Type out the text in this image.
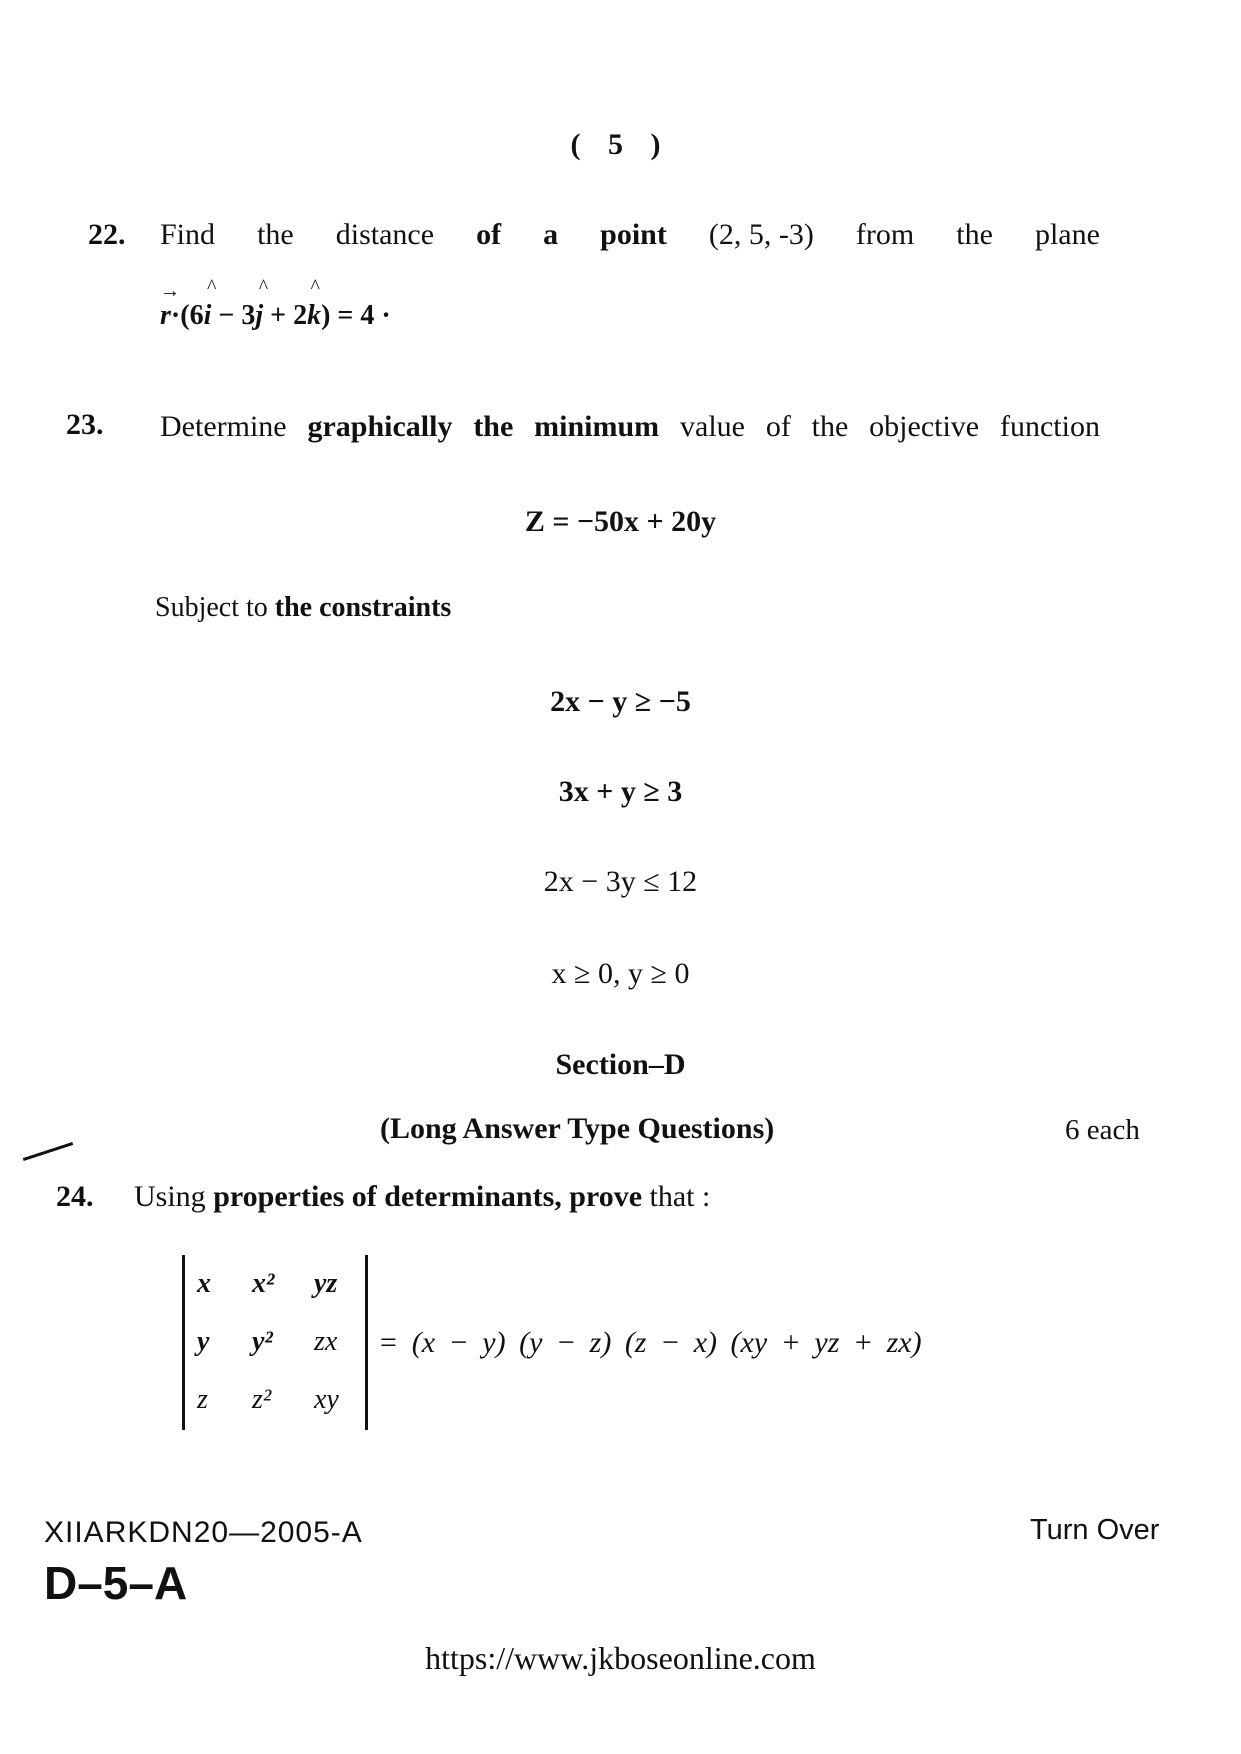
( 5 )
22. Find the distance of a point (2, 5, -3) from the plane
→ r·(6^ i − 3^ j + 2^ k) = 4 ·
23. Determine graphically the minimum value of the objective function
Z = −50x + 20y
Subject to the constraints
2x − y ≥ −5
3x + y ≥ 3
2x − 3y ≤ 12
x ≥ 0, y ≥ 0
Section–D
(Long Answer Type Questions)	6 each
24. Using properties of determinants, prove that :
x	x²	yz
y	y²	zx
z	z²	xy
= (x − y) (y − z) (z − x) (xy + yz + zx)
XIIARKDN20—2005-A
D–5–A
Turn Over
https://www.jkboseonline.com
